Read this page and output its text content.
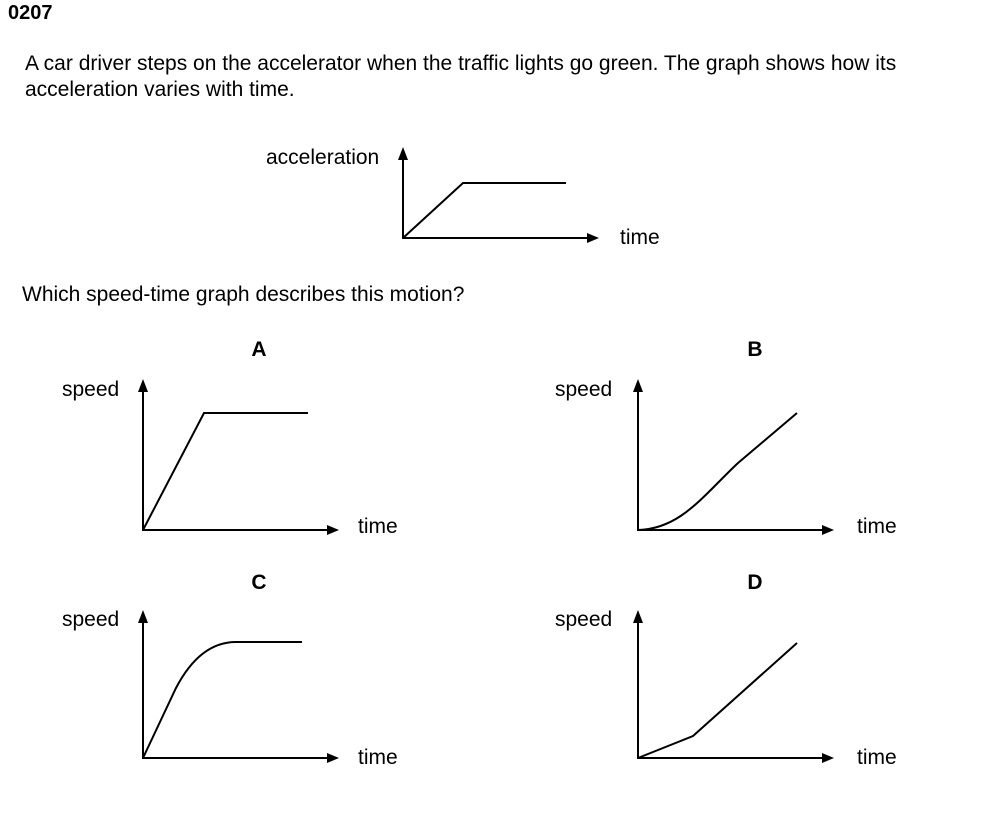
0207
A car driver steps on the accelerator when the traffic lights go green. The graph shows how its
acceleration varies with time.
acceleration
time
Which speed-time graph describes this motion?
A
speed
time
B
speed
time
C
speed
time
D
speed
time
